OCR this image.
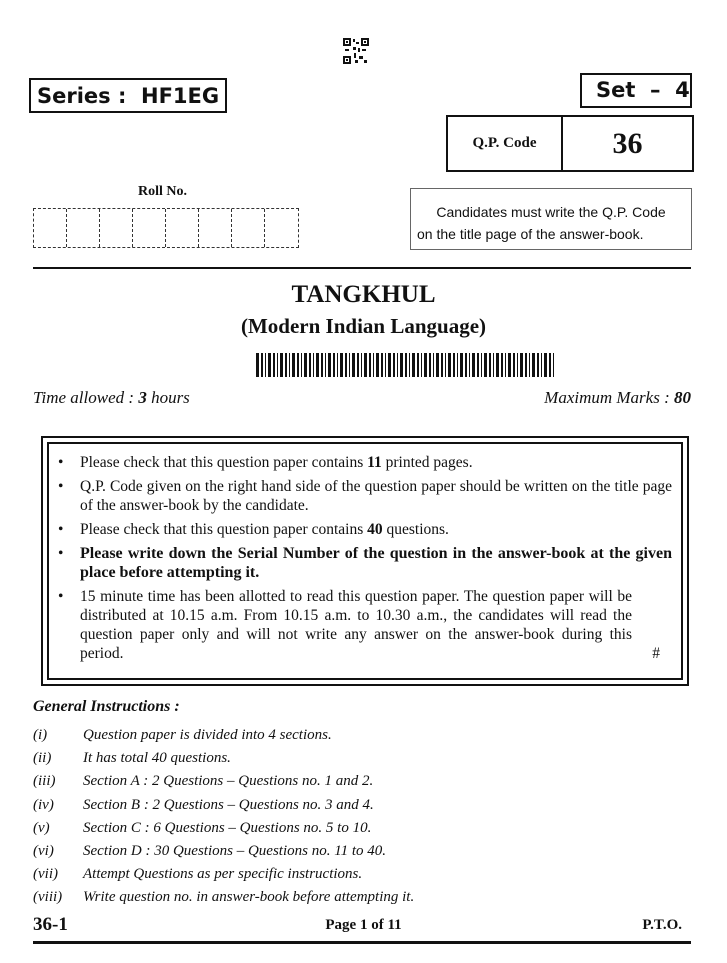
Series : HF1EG	Set – 4
Q.P. Code	36
Roll No.
Candidates must write the Q.P. Code
on the title page of the answer-book.
TANGKHUL
(Modern Indian Language)
Time allowed : 3 hours	Maximum Marks : 80
•	Please check that this question paper contains 11 printed pages.
•	Q.P. Code given on the right hand side of the question paper should be written on the title page of the answer-book by the candidate.
•	Please check that this question paper contains 40 questions.
•	Please write down the Serial Number of the question in the answer-book at the given place before attempting it.
•	15 minute time has been allotted to read this question paper. The question paper will be distributed at 10.15 a.m. From 10.15 a.m. to 10.30 a.m., the candidates will read the question paper only and will not write any answer on the answer-book during this period.	#
General Instructions :
(i)	Question paper is divided into 4 sections.
(ii)	It has total 40 questions.
(iii)	Section A : 2 Questions – Questions no. 1 and 2.
(iv)	Section B : 2 Questions – Questions no. 3 and 4.
(v)	Section C : 6 Questions – Questions no. 5 to 10.
(vi)	Section D : 30 Questions – Questions no. 11 to 40.
(vii)	Attempt Questions as per specific instructions.
(viii)	Write question no. in answer-book before attempting it.
36-1	Page 1 of 11	P.T.O.
